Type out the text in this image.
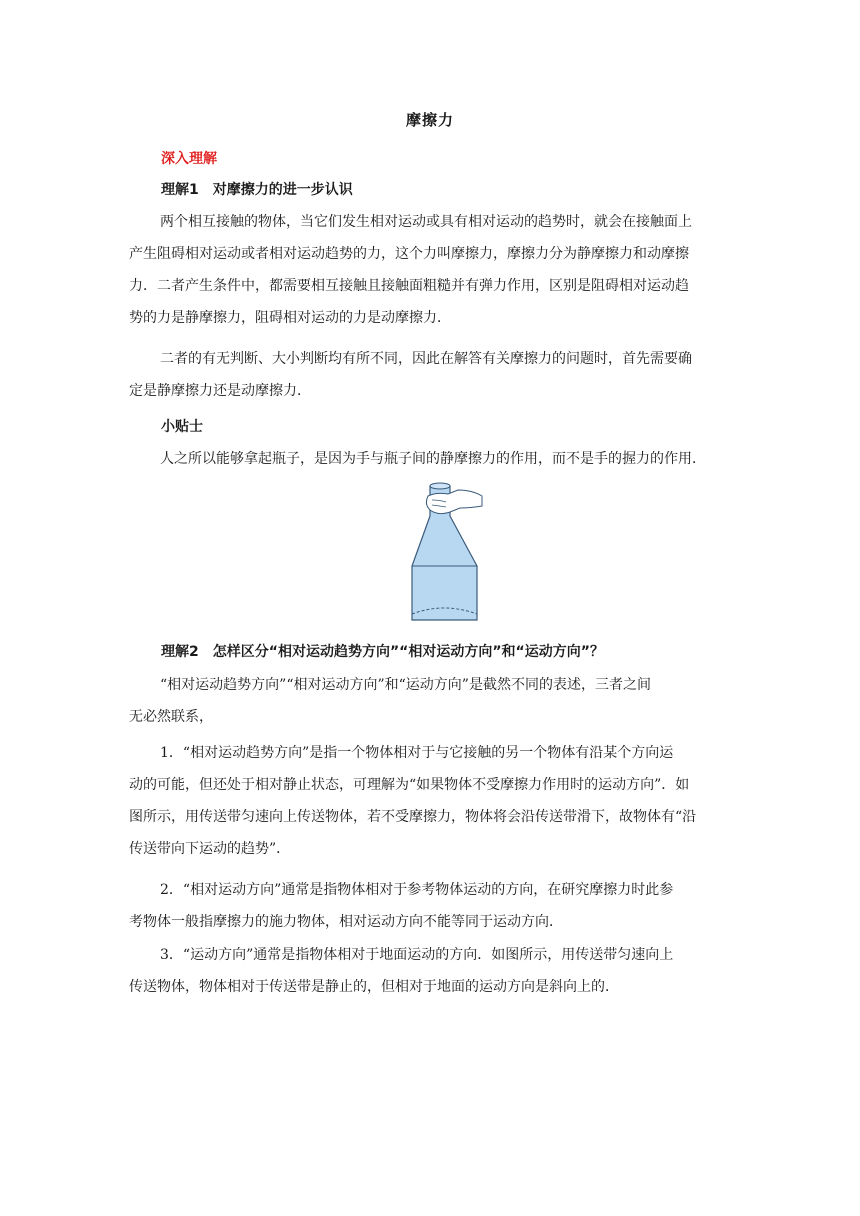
摩擦力
深入理解
理解1　对摩擦力的进一步认识
两个相互接触的物体，当它们发生相对运动或具有相对运动的趋势时，就会在接触面上
产生阻碍相对运动或者相对运动趋势的力，这个力叫摩擦力，摩擦力分为静摩擦力和动摩擦
力．二者产生条件中，都需要相互接触且接触面粗糙并有弹力作用，区别是阻碍相对运动趋
势的力是静摩擦力，阻碍相对运动的力是动摩擦力．
二者的有无判断、大小判断均有所不同，因此在解答有关摩擦力的问题时，首先需要确
定是静摩擦力还是动摩擦力．
小贴士
人之所以能够拿起瓶子，是因为手与瓶子间的静摩擦力的作用，而不是手的握力的作用．
理解2　怎样区分“相对运动趋势方向”“相对运动方向”和“运动方向”？
“相对运动趋势方向”“相对运动方向”和“运动方向”是截然不同的表述，三者之间
无必然联系，
1．“相对运动趋势方向”是指一个物体相对于与它接触的另一个物体有沿某个方向运
动的可能，但还处于相对静止状态，可理解为“如果物体不受摩擦力作用时的运动方向”．如
图所示，用传送带匀速向上传送物体，若不受摩擦力，物体将会沿传送带滑下，故物体有“沿
传送带向下运动的趋势”．
2．“相对运动方向”通常是指物体相对于参考物体运动的方向，在研究摩擦力时此参
考物体一般指摩擦力的施力物体，相对运动方向不能等同于运动方向．
3．“运动方向”通常是指物体相对于地面运动的方向．如图所示，用传送带匀速向上
传送物体，物体相对于传送带是静止的，但相对于地面的运动方向是斜向上的．
